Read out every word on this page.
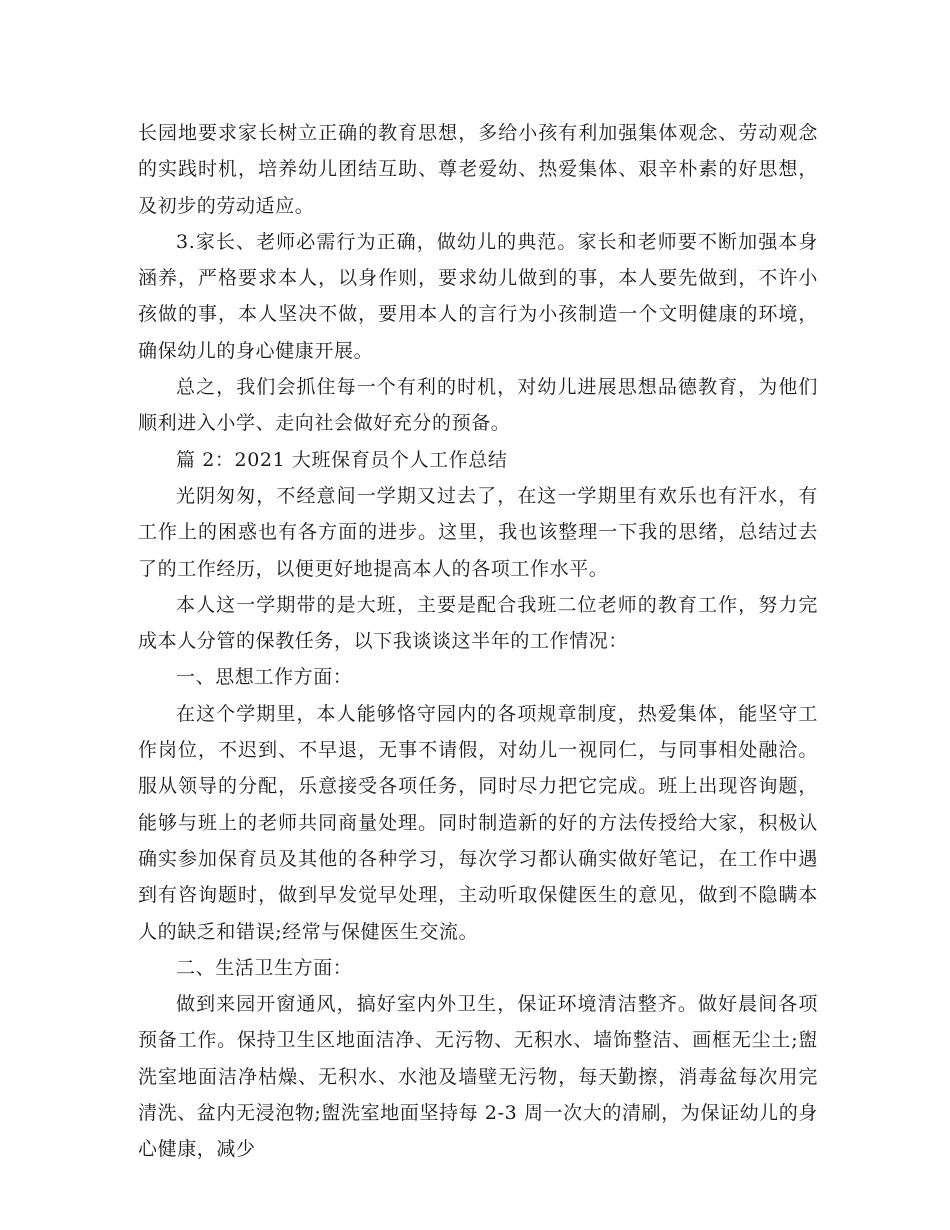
长园地要求家长树立正确的教育思想，多给小孩有利加强集体观念、劳动观念的实践时机，培养幼儿团结互助、尊老爱幼、热爱集体、艰辛朴素的好思想，及初步的劳动适应。

3.家长、老师必需行为正确，做幼儿的典范。家长和老师要不断加强本身涵养，严格要求本人，以身作则，要求幼儿做到的事，本人要先做到，不许小孩做的事，本人坚决不做，要用本人的言行为小孩制造一个文明健康的环境，确保幼儿的身心健康开展。

总之，我们会抓住每一个有利的时机，对幼儿进展思想品德教育，为他们顺利进入小学、走向社会做好充分的预备。

篇 2：2021 大班保育员个人工作总结

光阴匆匆，不经意间一学期又过去了，在这一学期里有欢乐也有汗水，有工作上的困惑也有各方面的进步。这里，我也该整理一下我的思绪，总结过去了的工作经历，以便更好地提高本人的各项工作水平。

本人这一学期带的是大班，主要是配合我班二位老师的教育工作，努力完成本人分管的保教任务，以下我谈谈这半年的工作情况：

一、思想工作方面：

在这个学期里，本人能够恪守园内的各项规章制度，热爱集体，能坚守工作岗位，不迟到、不早退，无事不请假，对幼儿一视同仁，与同事相处融洽。服从领导的分配，乐意接受各项任务，同时尽力把它完成。班上出现咨询题，能够与班上的老师共同商量处理。同时制造新的好的方法传授给大家，积极认确实参加保育员及其他的各种学习，每次学习都认确实做好笔记，在工作中遇到有咨询题时，做到早发觉早处理，主动听取保健医生的意见，做到不隐瞒本人的缺乏和错误;经常与保健医生交流。

二、生活卫生方面：

做到来园开窗通风，搞好室内外卫生，保证环境清洁整齐。做好晨间各项预备工作。保持卫生区地面洁净、无污物、无积水、墙饰整洁、画框无尘土;盥洗室地面洁净枯燥、无积水、水池及墙壁无污物，每天勤擦，消毒盆每次用完清洗、盆内无浸泡物;盥洗室地面坚持每 2-3 周一次大的清刷，为保证幼儿的身心健康，减少
